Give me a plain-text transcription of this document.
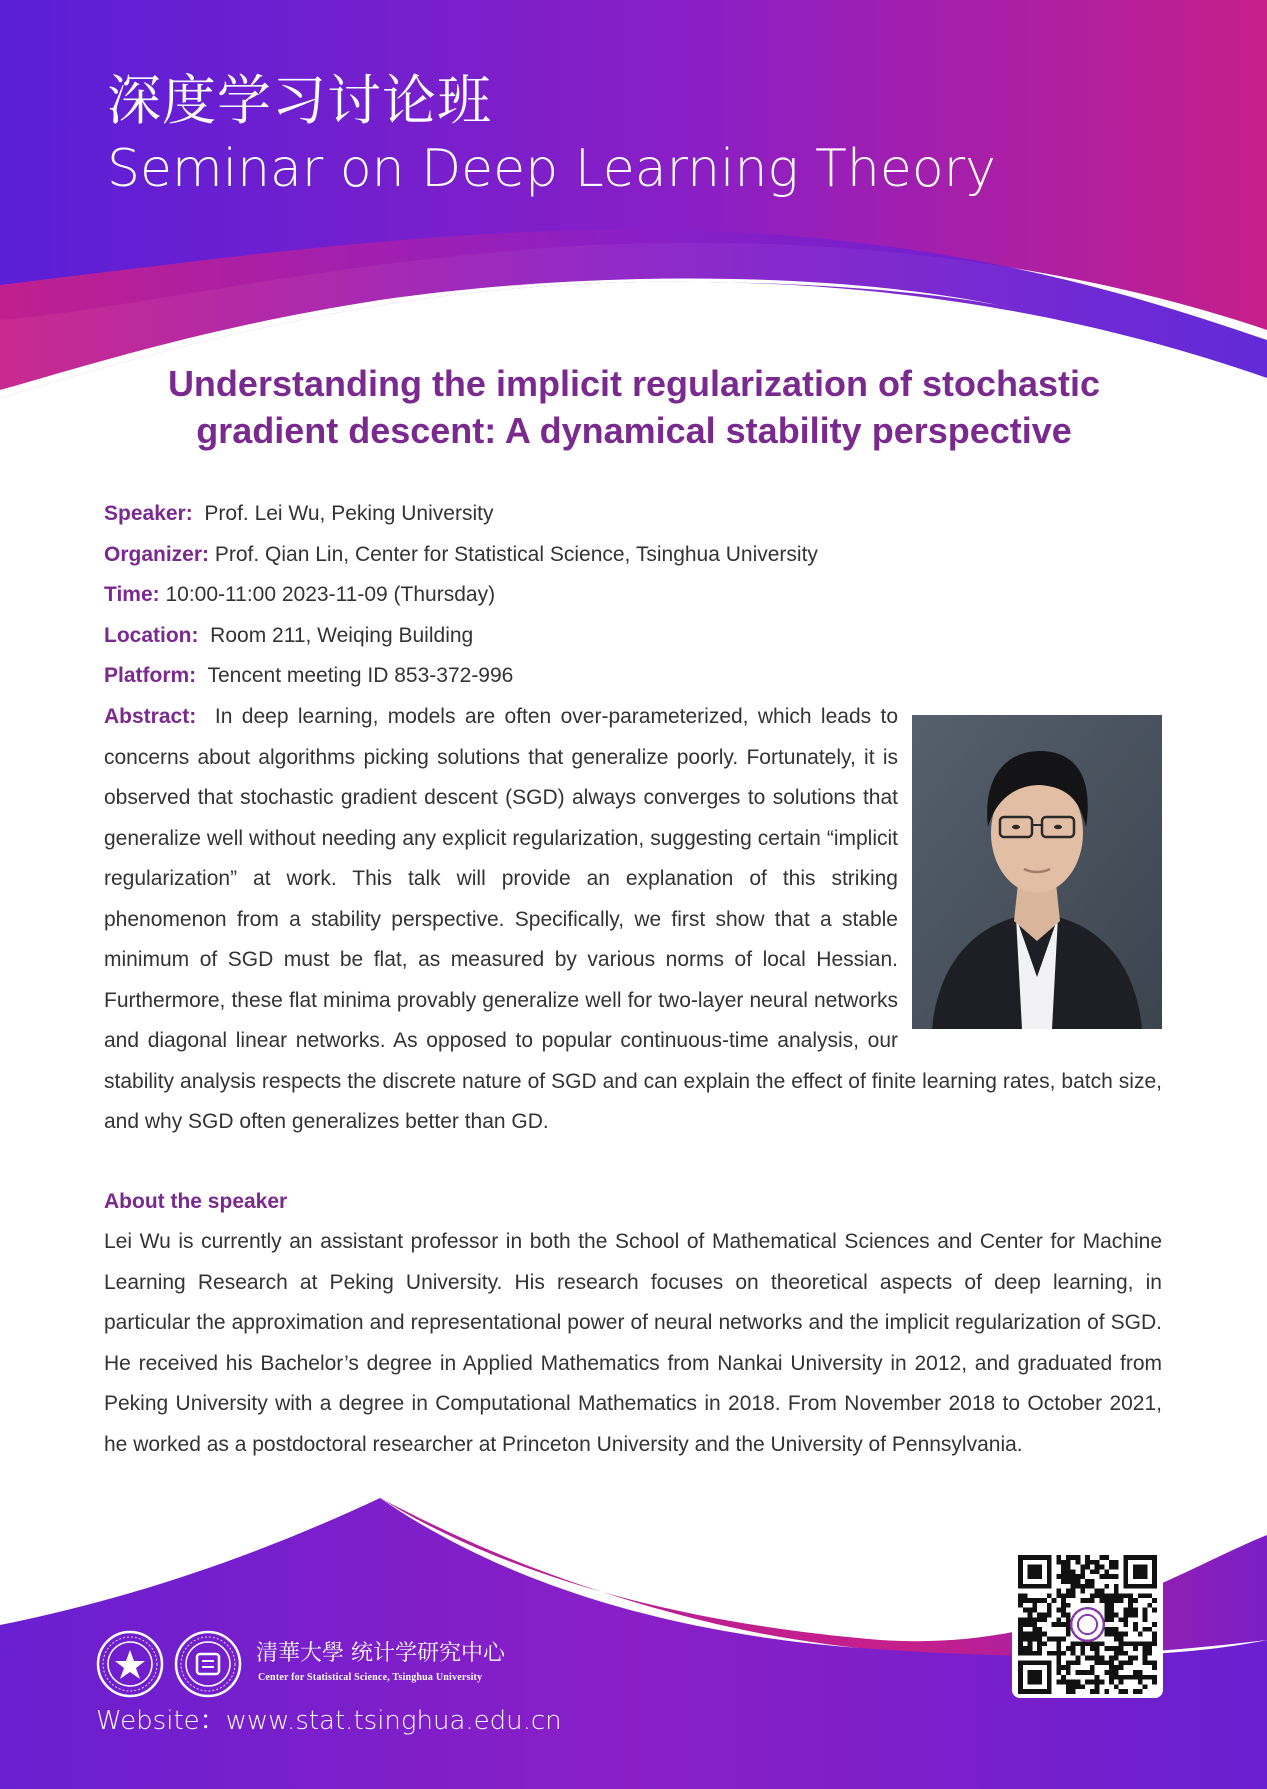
深度学习讨论班
Seminar on Deep Learning Theory
Understanding the implicit regularization of stochastic
gradient descent: A dynamical stability perspective
Speaker: Prof. Lei Wu, Peking University
Organizer: Prof. Qian Lin, Center for Statistical Science, Tsinghua University
Time: 10:00-11:00 2023-11-09 (Thursday)
Location: Room 211, Weiqing Building
Platform: Tencent meeting ID 853-372-996
Abstract: In deep learning, models are often over-parameterized, which leads to concerns about algorithms picking solutions that generalize poorly. Fortunately, it is observed that stochastic gradient descent (SGD) always converges to solutions that generalize well without needing any explicit regularization, suggesting certain “implicit regularization” at work. This talk will provide an explanation of this striking phenomenon from a stability perspective. Specifically, we first show that a stable minimum of SGD must be flat, as measured by various norms of local Hessian. Furthermore, these flat minima provably generalize well for two-layer neural networks and diagonal linear networks. As opposed to popular continuous-time analysis, our stability analysis respects the discrete nature of SGD and can explain the effect of finite learning rates, batch size, and why SGD often generalizes better than GD.
About the speaker
Lei Wu is currently an assistant professor in both the School of Mathematical Sciences and Center for Machine Learning Research at Peking University. His research focuses on theoretical aspects of deep learning, in particular the approximation and representational power of neural networks and the implicit regularization of SGD. He received his Bachelor’s degree in Applied Mathematics from Nankai University in 2012, and graduated from Peking University with a degree in Computational Mathematics in 2018. From November 2018 to October 2021, he worked as a postdoctoral researcher at Princeton University and the University of Pennsylvania.
清華大學 统计学研究中心
Center for Statistical Science, Tsinghua University
Website：www.stat.tsinghua.edu.cn
